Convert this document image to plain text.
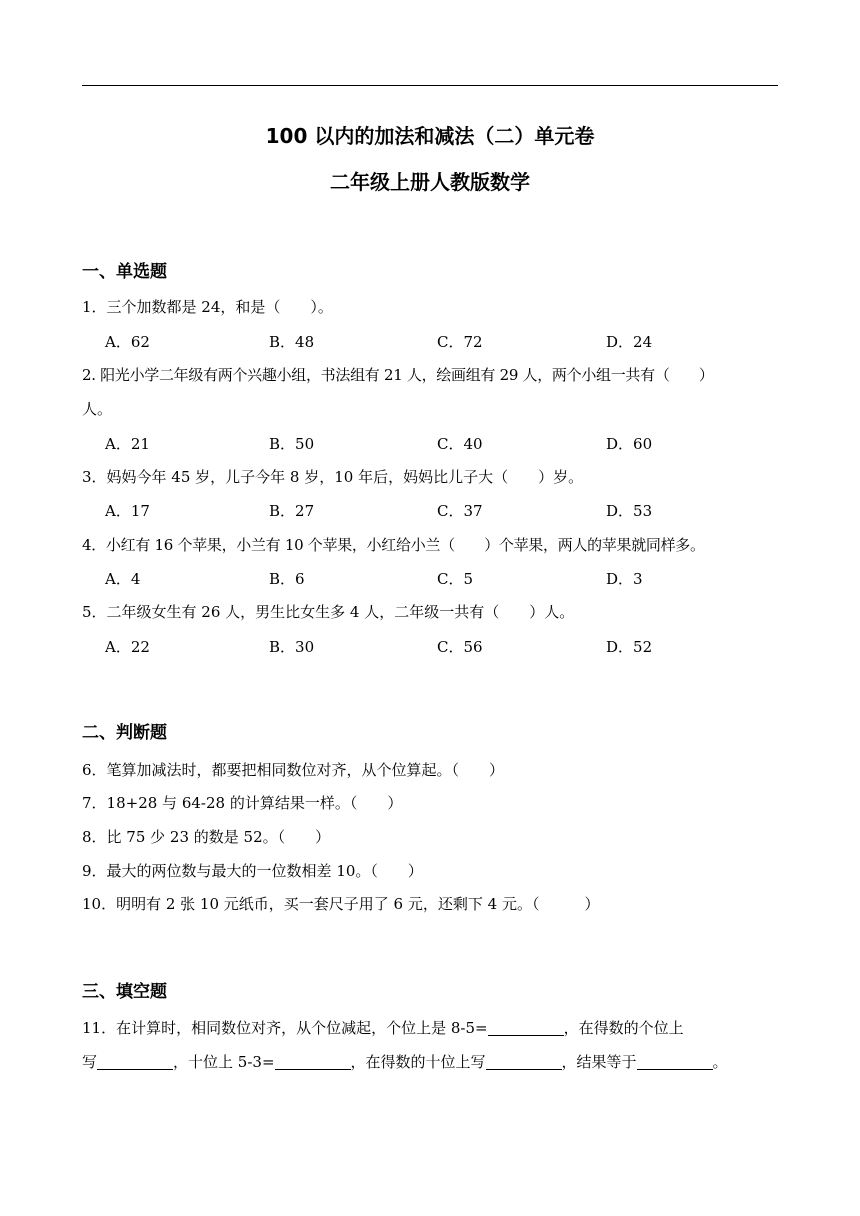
100 以内的加法和减法（二）单元卷
二年级上册人教版数学
一、单选题
1．三个加数都是 24，和是（　　）。
A．62	B．48	C．72	D．24
2. 阳光小学二年级有两个兴趣小组，书法组有 21 人，绘画组有 29 人，两个小组一共有（　　）
人。
A．21	B．50	C．40	D．60
3．妈妈今年 45 岁，儿子今年 8 岁，10 年后，妈妈比儿子大（　　）岁。
A．17	B．27	C．37	D．53
4．小红有 16 个苹果，小兰有 10 个苹果，小红给小兰（　　）个苹果，两人的苹果就同样多。
A．4	B．6	C．5	D．3
5．二年级女生有 26 人，男生比女生多 4 人，二年级一共有（　　）人。
A．22	B．30	C．56	D．52
二、判断题
6．笔算加减法时，都要把相同数位对齐，从个位算起。（　　）
7．18+28 与 64-28 的计算结果一样。（　　）
8．比 75 少 23 的数是 52。（　　）
9．最大的两位数与最大的一位数相差 10。（　　）
10．明明有 2 张 10 元纸币，买一套尺子用了 6 元，还剩下 4 元。（　　　）
三、填空题
11．在计算时，相同数位对齐，从个位减起，个位上是 8-5=	，在得数的个位上
写	，十位上 5-3=	，在得数的十位上写	，结果等于	。
